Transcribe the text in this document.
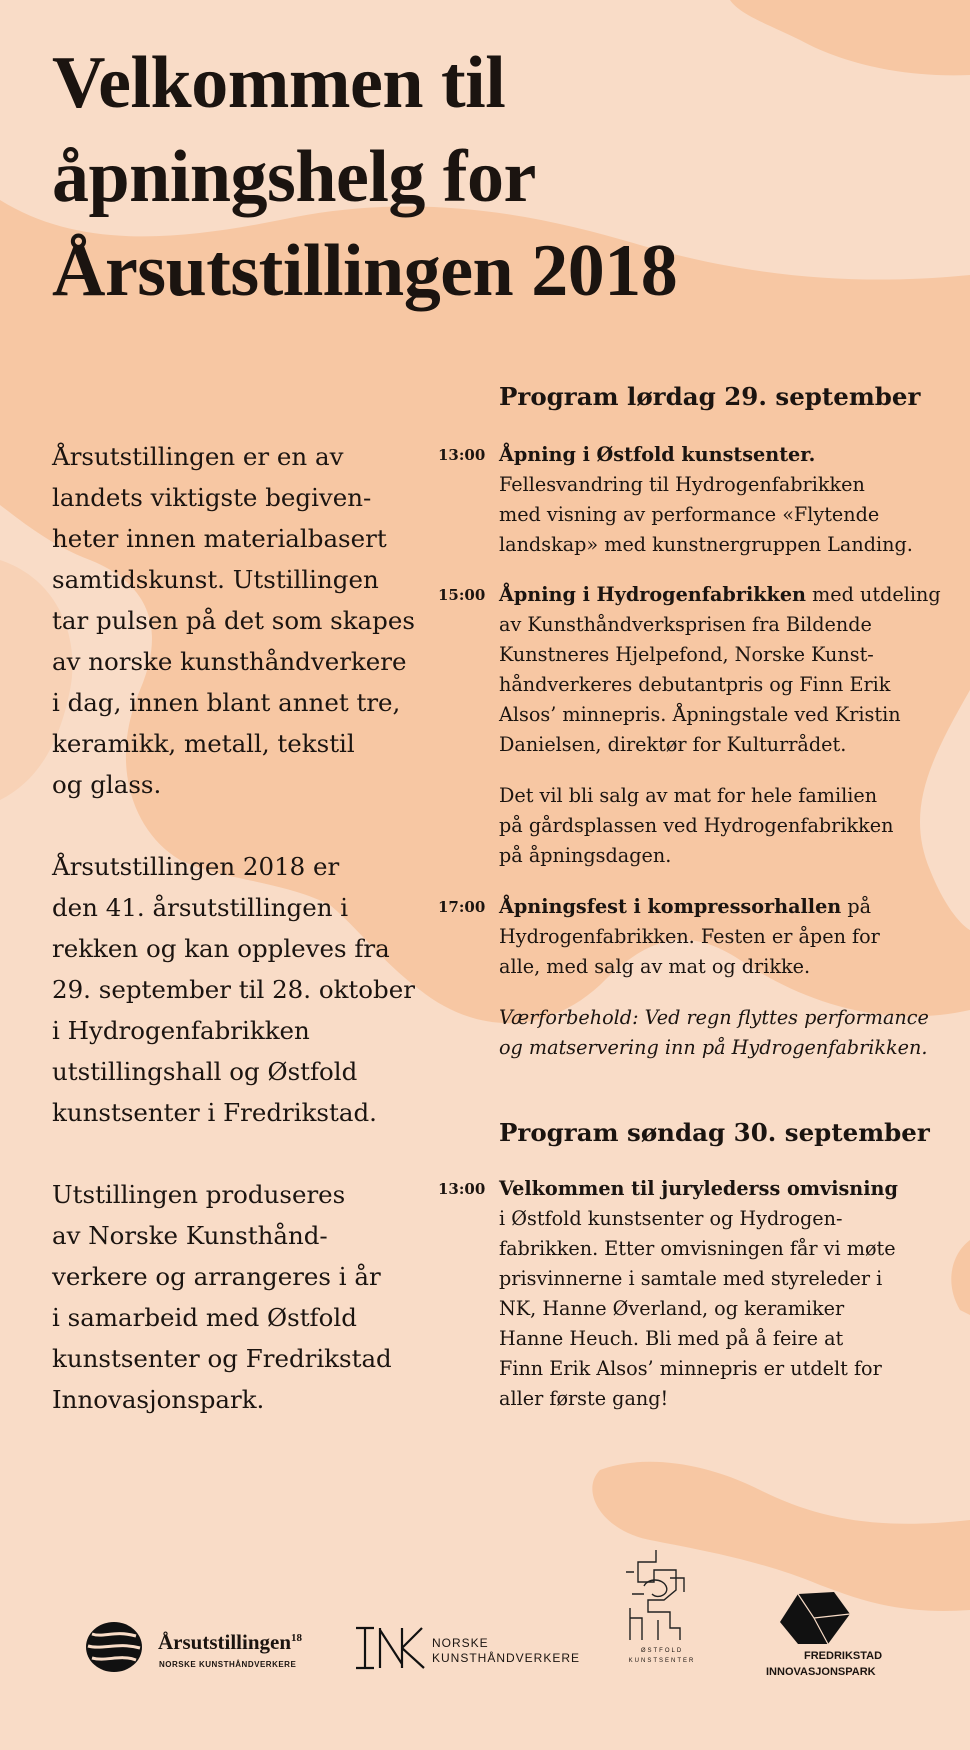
Velkommen til
åpningshelg for
Årsutstillingen 2018

Årsutstillingen er en av
landets viktigste begiven-
heter innen materialbasert
samtidskunst. Utstillingen
tar pulsen på det som skapes
av norske kunsthåndverkere
i dag, innen blant annet tre,
keramikk, metall, tekstil
og glass.

Årsutstillingen 2018 er
den 41. årsutstillingen i
rekken og kan oppleves fra
29. september til 28. oktober
i Hydrogenfabrikken
utstillingshall og Østfold
kunstsenter i Fredrikstad.

Utstillingen produseres
av Norske Kunsthånd-
verkere og arrangeres i år
i samarbeid med Østfold
kunstsenter og Fredrikstad
Innovasjonspark.

Program lørdag 29. september
13:00 Åpning i Østfold kunstsenter.
Fellesvandring til Hydrogenfabrikken
med visning av performance «Flytende
landskap» med kunstnergruppen Landing.
15:00 Åpning i Hydrogenfabrikken med utdeling
av Kunsthåndverksprisen fra Bildende
Kunstneres Hjelpefond, Norske Kunst-
håndverkeres debutantpris og Finn Erik
Alsos’ minnepris. Åpningstale ved Kristin
Danielsen, direktør for Kulturrådet.
Det vil bli salg av mat for hele familien
på gårdsplassen ved Hydrogenfabrikken
på åpningsdagen.
17:00 Åpningsfest i kompressorhallen på
Hydrogenfabrikken. Festen er åpen for
alle, med salg av mat og drikke.
Værforbehold: Ved regn flyttes performance
og matservering inn på Hydrogenfabrikken.
Program søndag 30. september
13:00 Velkommen til jurylederss omvisning
i Østfold kunstsenter og Hydrogen-
fabrikken. Etter omvisningen får vi møte
prisvinnerne i samtale med styreleder i
NK, Hanne Øverland, og keramiker
Hanne Heuch. Bli med på å feire at
Finn Erik Alsos’ minnepris er utdelt for
aller første gang!
Årsutstillingen$^{18}$
NORSKE KUNSTHÅNDVERKERE
NORSKE
KUNSTHÅNDVERKERE	ØSTFOLD
KUNSTSENTER	FREDRIKSTAD
INNOVASJONSPARK
